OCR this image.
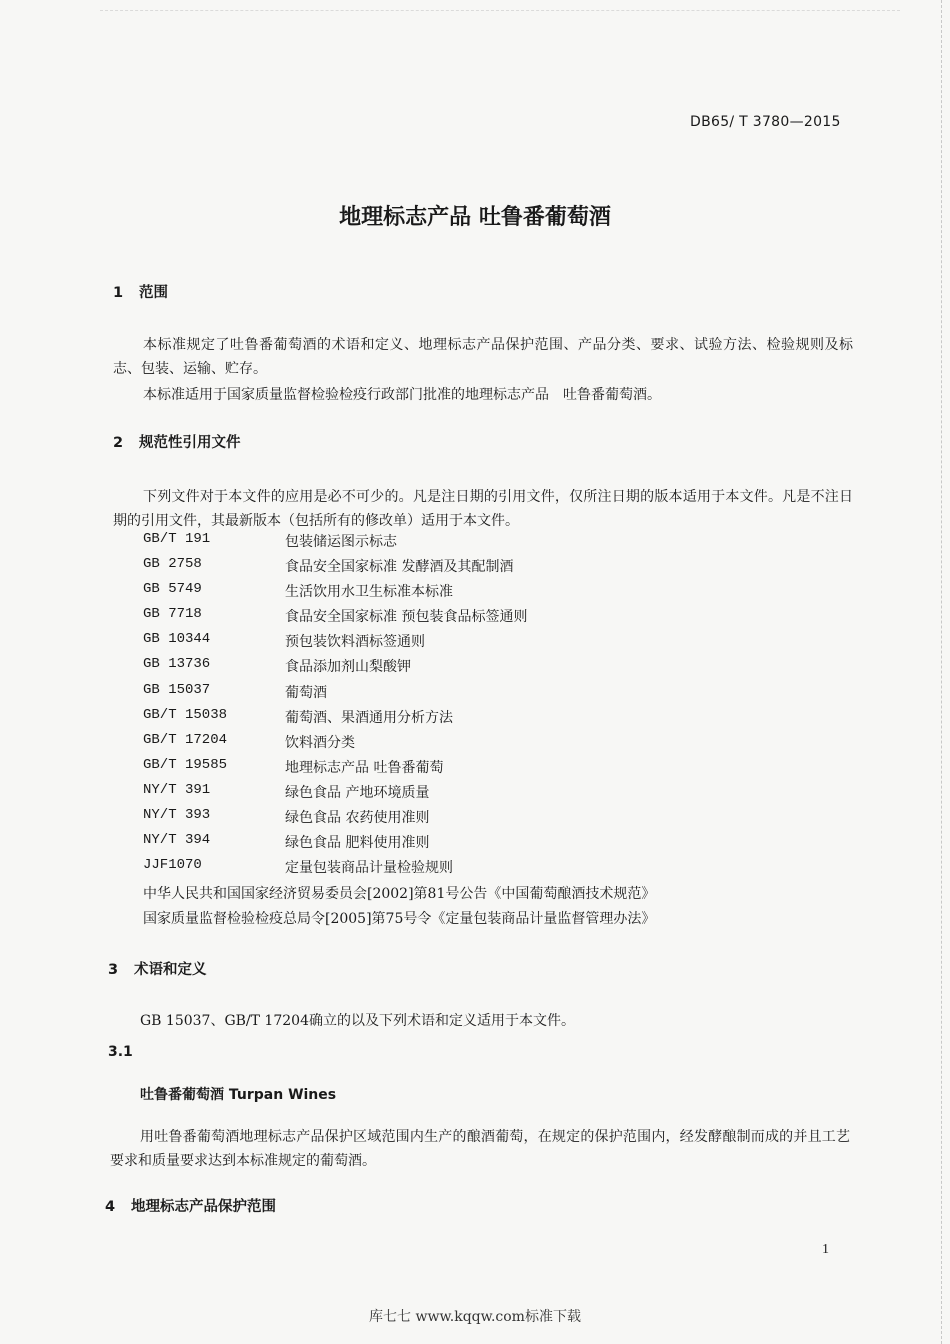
DB65/ T 3780—2015
地理标志产品 吐鲁番葡萄酒
1 范围
本标准规定了吐鲁番葡萄酒的术语和定义、地理标志产品保护范围、产品分类、要求、试验方法、检验规则及标志、包装、运输、贮存。
本标准适用于国家质量监督检验检疫行政部门批准的地理标志产品　吐鲁番葡萄酒。
2 规范性引用文件
下列文件对于本文件的应用是必不可少的。凡是注日期的引用文件，仅所注日期的版本适用于本文件。凡是不注日期的引用文件，其最新版本（包括所有的修改单）适用于本文件。
GB/T 191	包装储运图示标志
GB 2758	食品安全国家标准 发酵酒及其配制酒
GB 5749	生活饮用水卫生标准本标准
GB 7718	食品安全国家标准 预包装食品标签通则
GB 10344	预包装饮料酒标签通则
GB 13736	食品添加剂山梨酸钾
GB 15037	葡萄酒
GB/T 15038	葡萄酒、果酒通用分析方法
GB/T 17204	饮料酒分类
GB/T 19585	地理标志产品 吐鲁番葡萄
NY/T 391	绿色食品 产地环境质量
NY/T 393	绿色食品 农药使用准则
NY/T 394	绿色食品 肥料使用准则
JJF1070	定量包装商品计量检验规则
中华人民共和国国家经济贸易委员会[2002]第81号公告《中国葡萄酿酒技术规范》
国家质量监督检验检疫总局令[2005]第75号令《定量包装商品计量监督管理办法》
3 术语和定义
GB 15037、GB/T 17204确立的以及下列术语和定义适用于本文件。
3.1
吐鲁番葡萄酒 Turpan Wines
用吐鲁番葡萄酒地理标志产品保护区域范围内生产的酿酒葡萄，在规定的保护范围内，经发酵酿制而成的并且工艺要求和质量要求达到本标准规定的葡萄酒。
4 地理标志产品保护范围
1
库七七 www.kqqw.com标准下载
